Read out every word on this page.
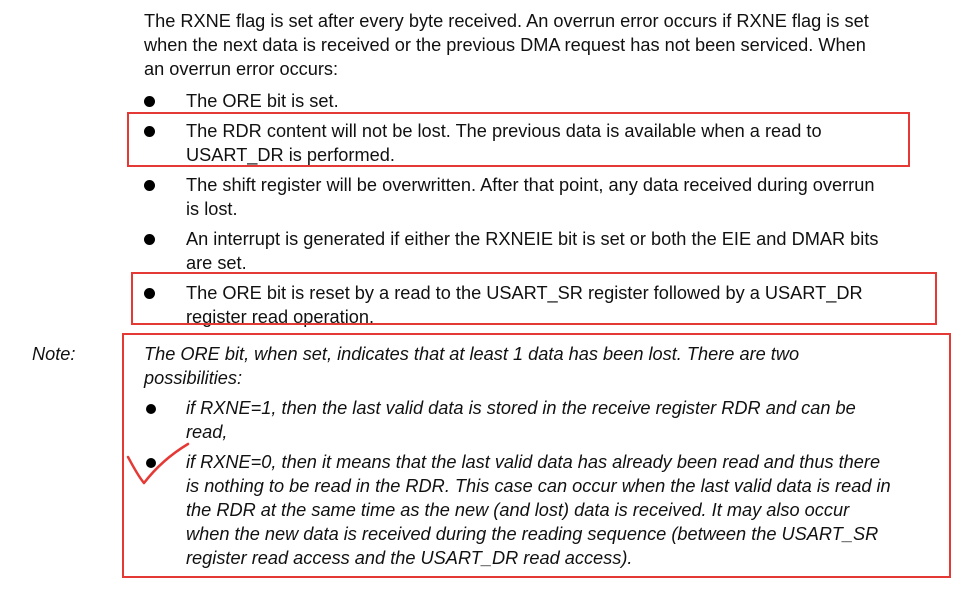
The RXNE flag is set after every byte received. An overrun error occurs if RXNE flag is set
when the next data is received or the previous DMA request has not been serviced. When
an overrun error occurs:

The ORE bit is set.

The RDR content will not be lost. The previous data is available when a read to
USART_DR is performed.

The shift register will be overwritten. After that point, any data received during overrun
is lost.

An interrupt is generated if either the RXNEIE bit is set or both the EIE and DMAR bits
are set.

The ORE bit is reset by a read to the USART_SR register followed by a USART_DR
register read operation.

Note:	The ORE bit, when set, indicates that at least 1 data has been lost. There are two
possibilities:

if RXNE=1, then the last valid data is stored in the receive register RDR and can be
read,

if RXNE=0, then it means that the last valid data has already been read and thus there
is nothing to be read in the RDR. This case can occur when the last valid data is read in
the RDR at the same time as the new (and lost) data is received. It may also occur
when the new data is received during the reading sequence (between the USART_SR
register read access and the USART_DR read access).
